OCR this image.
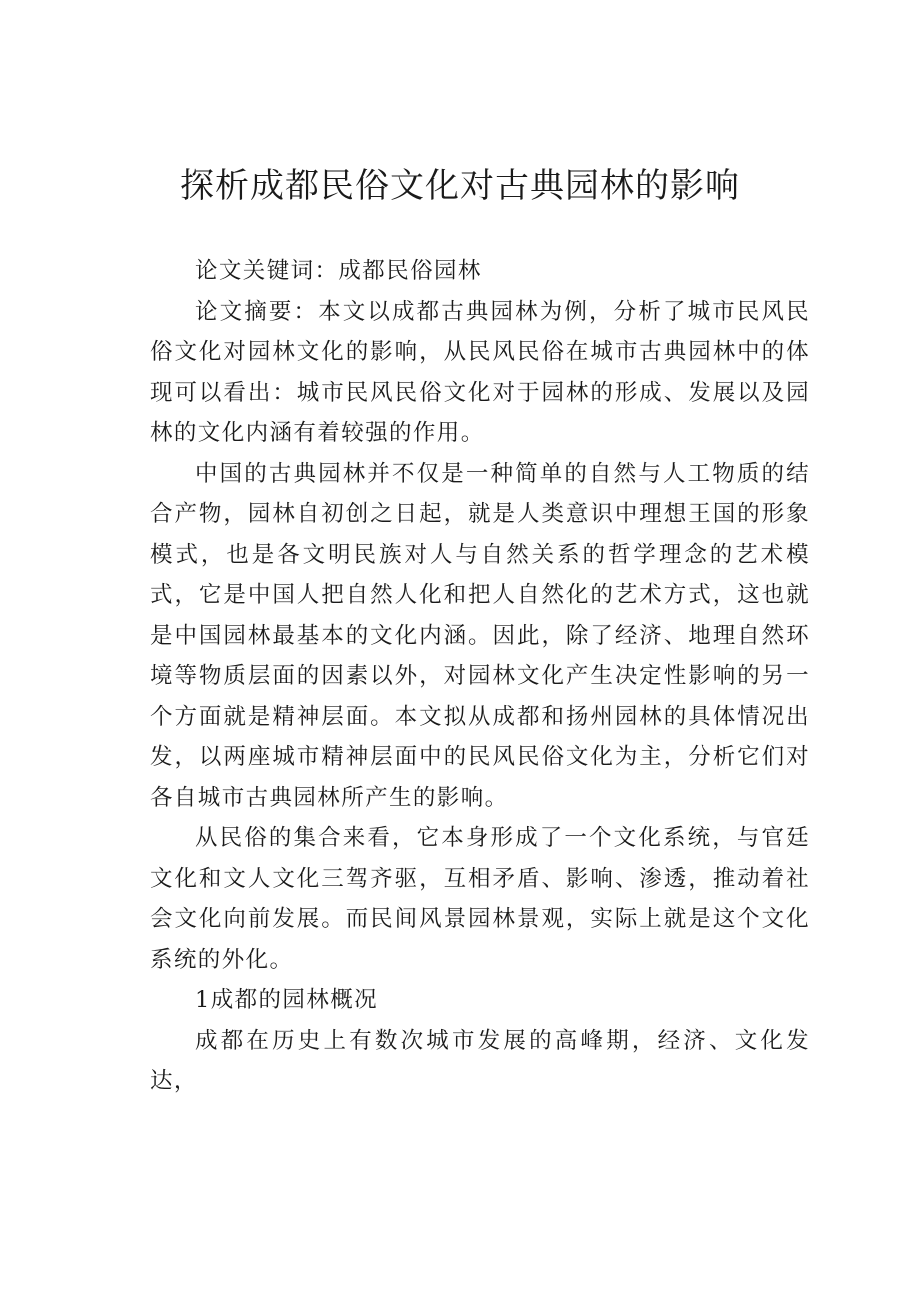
探析成都民俗文化对古典园林的影响

论文关键词：成都民俗园林

论文摘要：本文以成都古典园林为例，分析了城市民风民俗文化对园林文化的影响，从民风民俗在城市古典园林中的体现可以看出：城市民风民俗文化对于园林的形成、发展以及园林的文化内涵有着较强的作用。

中国的古典园林并不仅是一种简单的自然与人工物质的结合产物，园林自初创之日起，就是人类意识中理想王国的形象模式，也是各文明民族对人与自然关系的哲学理念的艺术模式，它是中国人把自然人化和把人自然化的艺术方式，这也就是中国园林最基本的文化内涵。因此，除了经济、地理自然环境等物质层面的因素以外，对园林文化产生决定性影响的另一个方面就是精神层面。本文拟从成都和扬州园林的具体情况出发，以两座城市精神层面中的民风民俗文化为主，分析它们对各自城市古典园林所产生的影响。

从民俗的集合来看，它本身形成了一个文化系统，与官廷文化和文人文化三驾齐驱，互相矛盾、影响、渗透，推动着社会文化向前发展。而民间风景园林景观，实际上就是这个文化系统的外化。

1成都的园林概况

成都在历史上有数次城市发展的高峰期，经济、文化发达，
